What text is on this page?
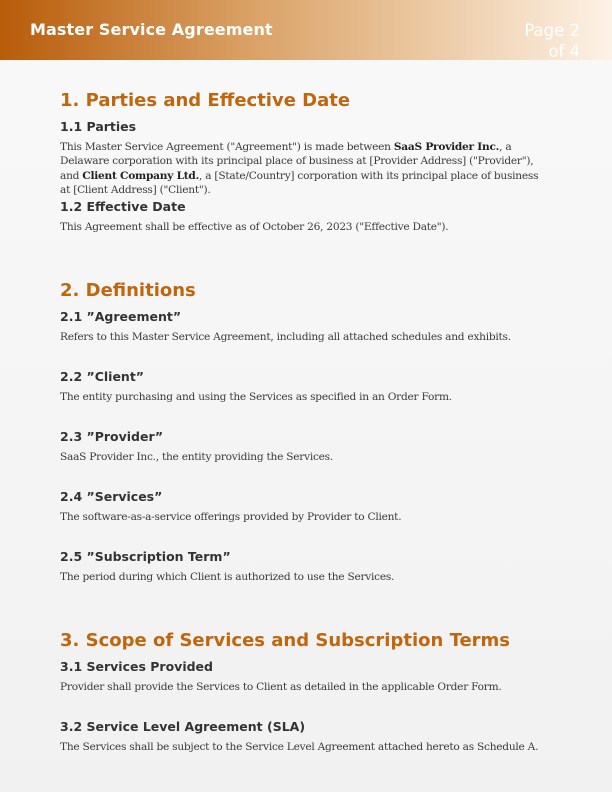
Master Service Agreement	Page 2
of 4
1. Parties and Effective Date
1.1 Parties

This Master Service Agreement ("Agreement") is made between SaaS Provider Inc., a Delaware corporation with its principal place of business at [Provider Address] ("Provider"), and Client Company Ltd., a [State/Country] corporation with its principal place of business at [Client Address] ("Client").

1.2 Effective Date

This Agreement shall be effective as of October 26, 2023 ("Effective Date").

2. Definitions
2.1 ”Agreement”

Refers to this Master Service Agreement, including all attached schedules and exhibits.

2.2 ”Client”

The entity purchasing and using the Services as specified in an Order Form.

2.3 ”Provider”

SaaS Provider Inc., the entity providing the Services.

2.4 ”Services”

The software-as-a-service offerings provided by Provider to Client.

2.5 ”Subscription Term”

The period during which Client is authorized to use the Services.

3. Scope of Services and Subscription Terms
3.1 Services Provided

Provider shall provide the Services to Client as detailed in the applicable Order Form.

3.2 Service Level Agreement (SLA)

The Services shall be subject to the Service Level Agreement attached hereto as Schedule A.
